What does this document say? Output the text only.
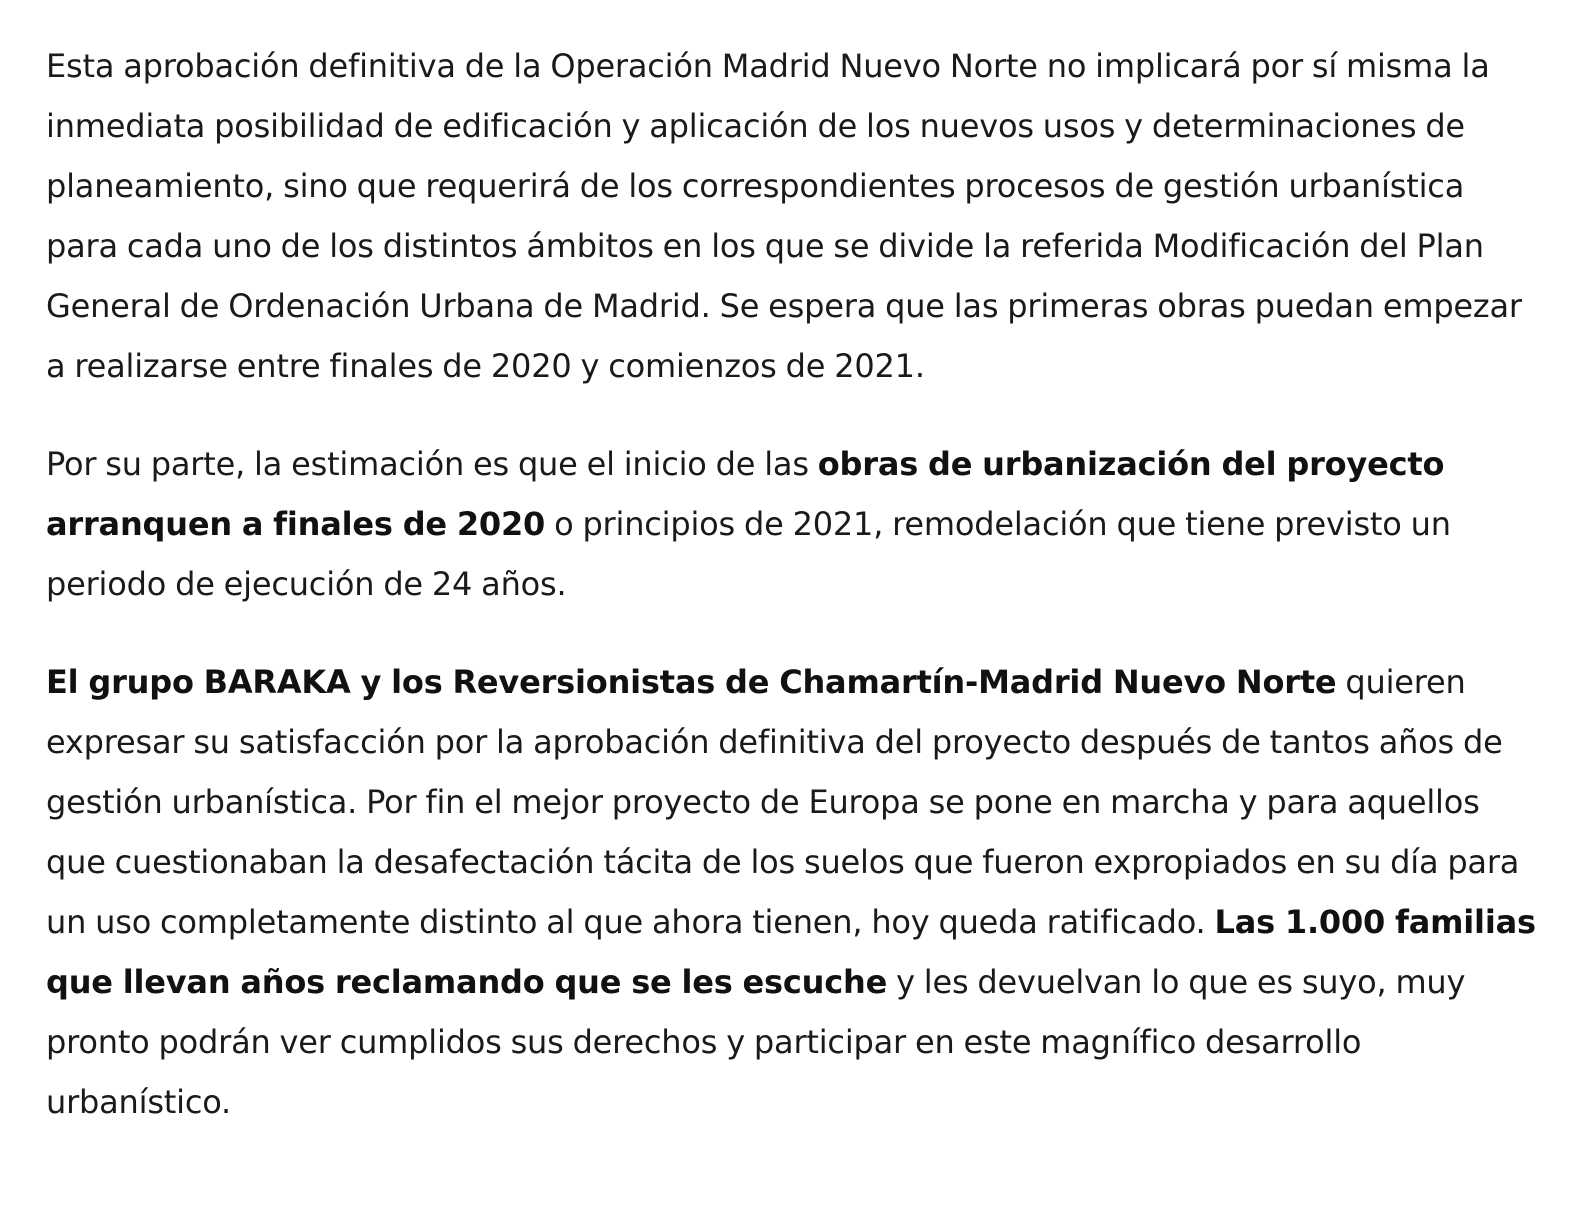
Esta aprobación definitiva de la Operación Madrid Nuevo Norte no implicará por sí misma la inmediata posibilidad de edificación y aplicación de los nuevos usos y determinaciones de planeamiento, sino que requerirá de los correspondientes procesos de gestión urbanística para cada uno de los distintos ámbitos en los que se divide la referida Modificación del Plan General de Ordenación Urbana de Madrid. Se espera que las primeras obras puedan empezar a realizarse entre finales de 2020 y comienzos de 2021.

Por su parte, la estimación es que el inicio de las obras de urbanización del proyecto arranquen a finales de 2020 o principios de 2021, remodelación que tiene previsto un periodo de ejecución de 24 años.

El grupo BARAKA y los Reversionistas de Chamartín-Madrid Nuevo Norte quieren expresar su satisfacción por la aprobación definitiva del proyecto después de tantos años de gestión urbanística. Por fin el mejor proyecto de Europa se pone en marcha y para aquellos que cuestionaban la desafectación tácita de los suelos que fueron expropiados en su día para un uso completamente distinto al que ahora tienen, hoy queda ratificado. Las 1.000 familias que llevan años reclamando que se les escuche y les devuelvan lo que es suyo, muy pronto podrán ver cumplidos sus derechos y participar en este magnífico desarrollo urbanístico.
